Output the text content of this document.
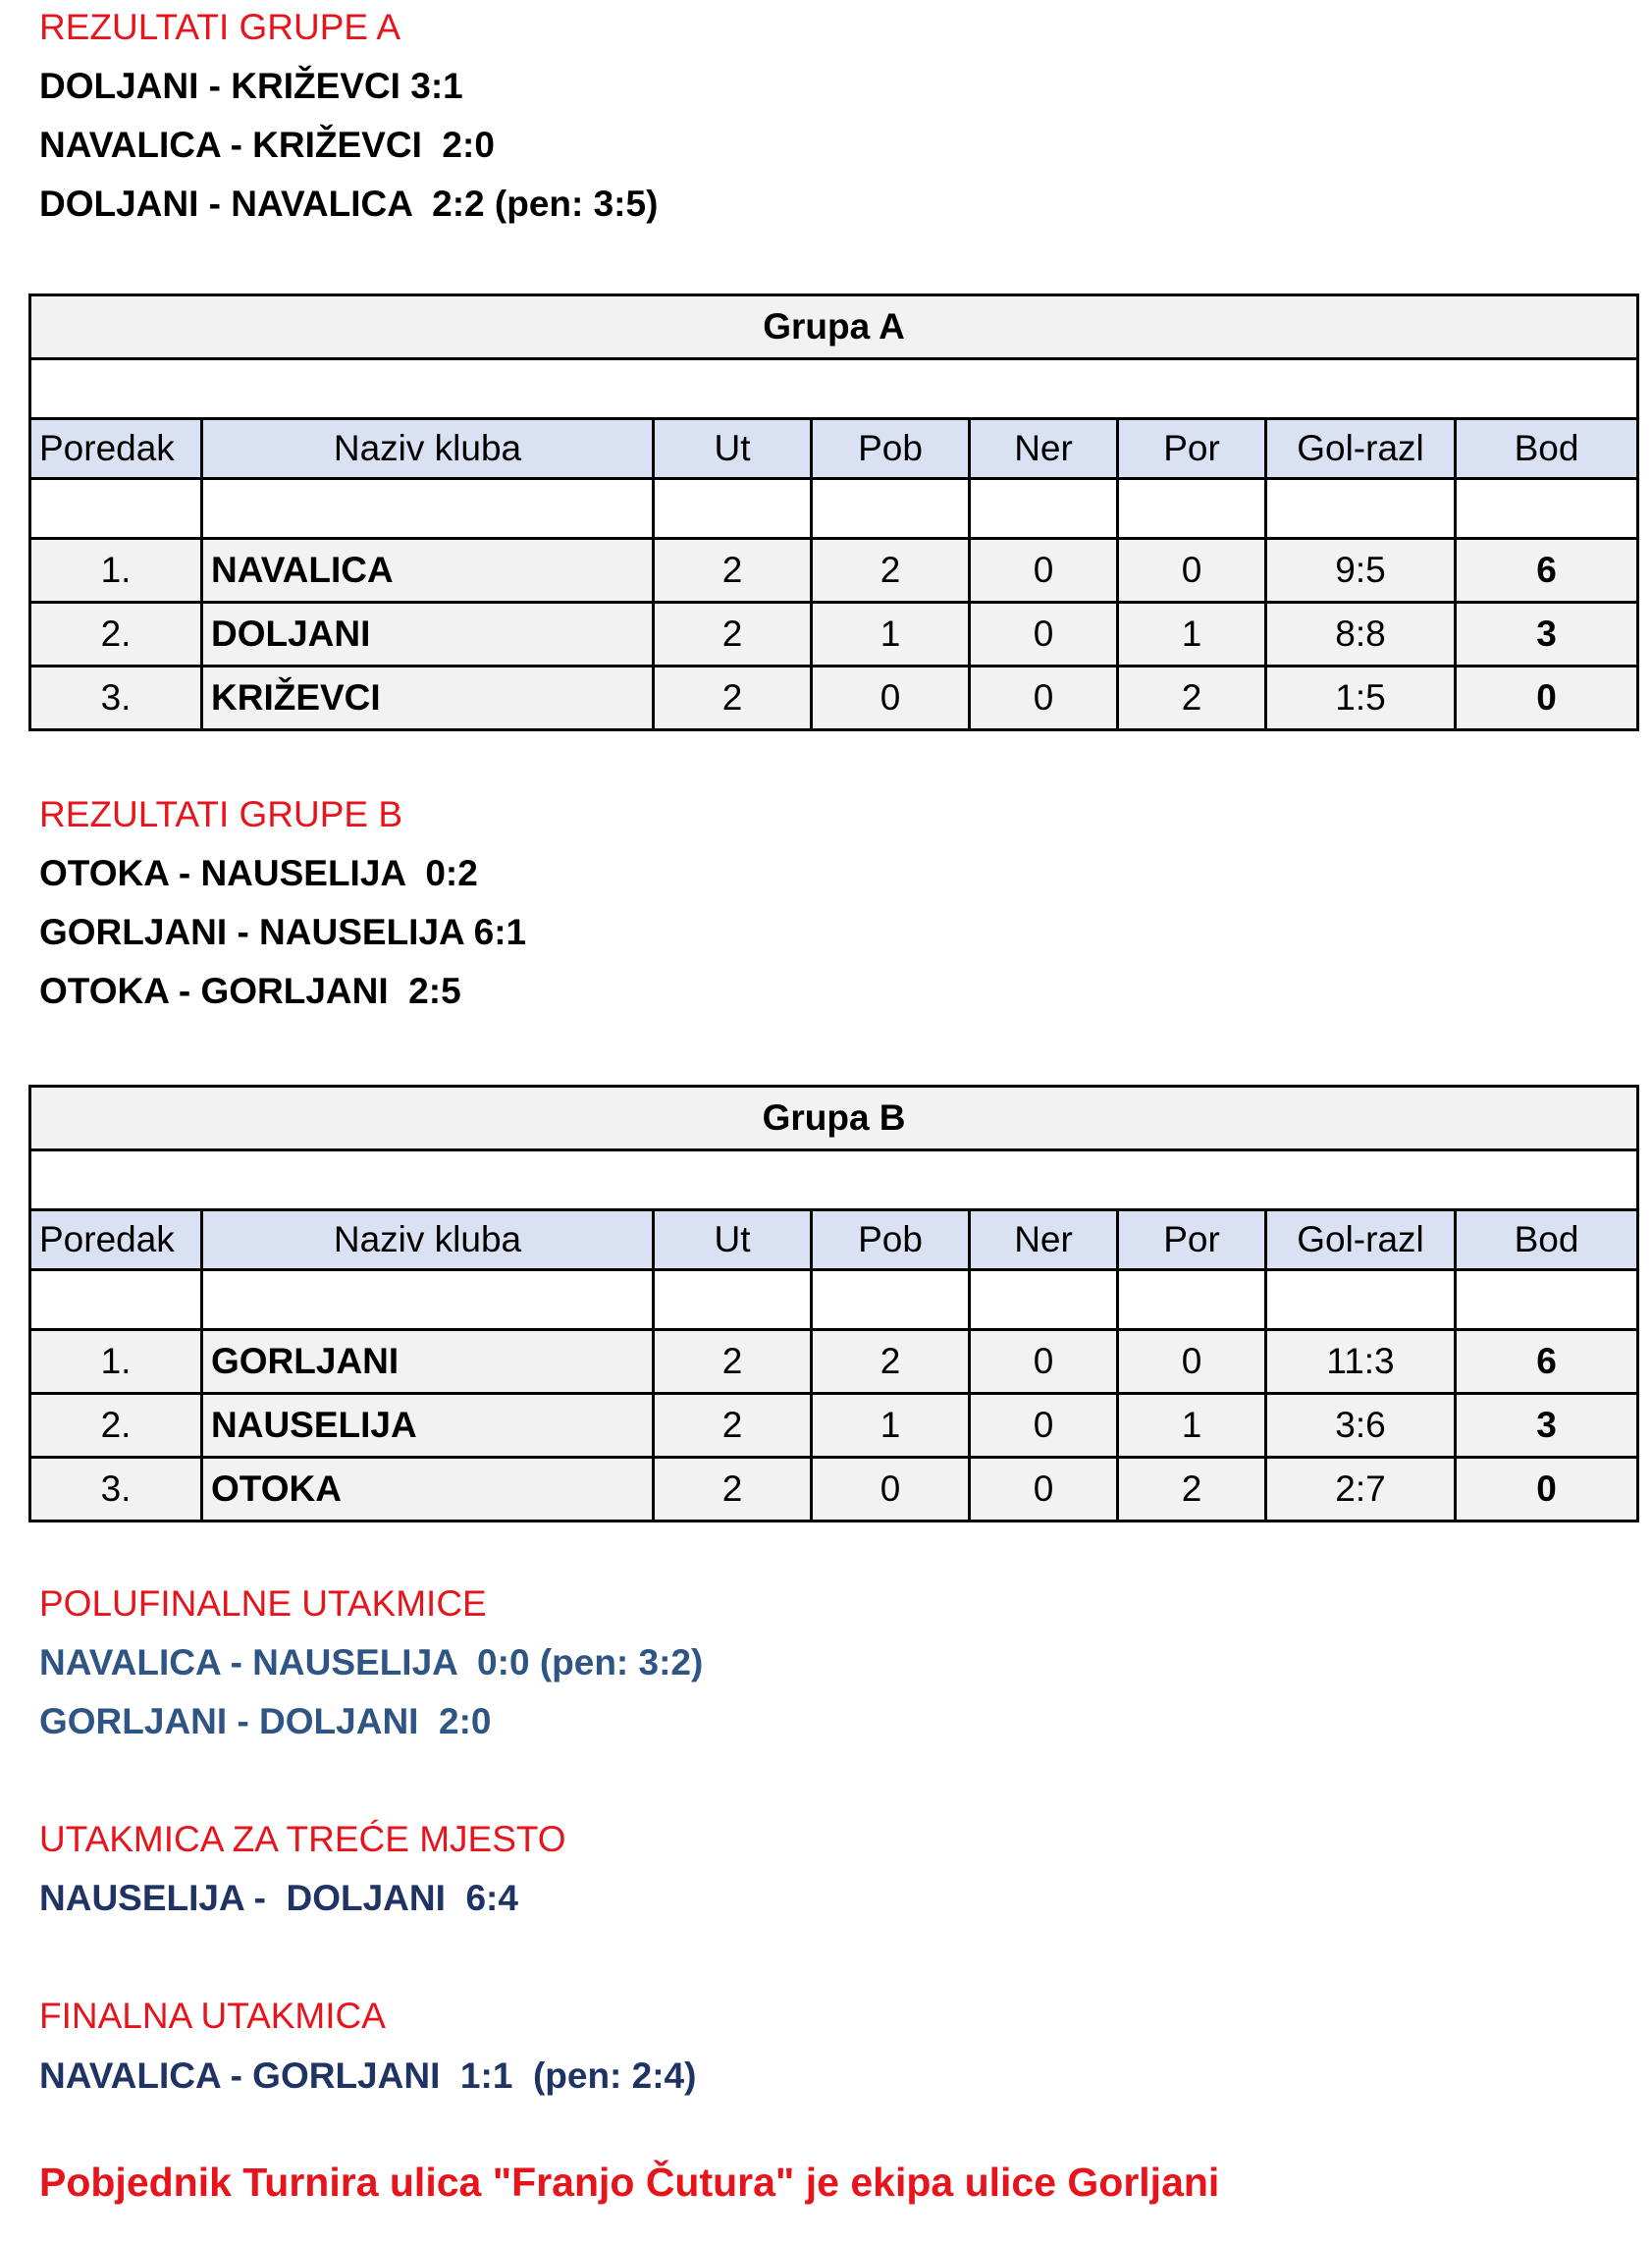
REZULTATI GRUPE A
DOLJANI - KRIŽEVCI 3:1
NAVALICA - KRIŽEVCI  2:0
DOLJANI - NAVALICA  2:2 (pen: 3:5)
Grupa A							

Poredak	Naziv kluba	Ut	Pob	Ner	Por	Gol-razl	Bod

1.	NAVALICA	2	2	0	0	9:5	6
2.	DOLJANI	2	1	0	1	8:8	3
3.	KRIŽEVCI	2	0	0	2	1:5	0
REZULTATI GRUPE B
OTOKA - NAUSELIJA  0:2
GORLJANI - NAUSELIJA 6:1
OTOKA - GORLJANI  2:5
Grupa B							

Poredak	Naziv kluba	Ut	Pob	Ner	Por	Gol-razl	Bod

1.	GORLJANI	2	2	0	0	11:3	6
2.	NAUSELIJA	2	1	0	1	3:6	3
3.	OTOKA	2	0	0	2	2:7	0
POLUFINALNE UTAKMICE
NAVALICA - NAUSELIJA  0:0 (pen: 3:2)
GORLJANI - DOLJANI  2:0
UTAKMICA ZA TREĆE MJESTO
NAUSELIJA -  DOLJANI  6:4
FINALNA UTAKMICA
NAVALICA - GORLJANI  1:1  (pen: 2:4)
Pobjednik Turnira ulica "Franjo Čutura" je ekipa ulice Gorljani
